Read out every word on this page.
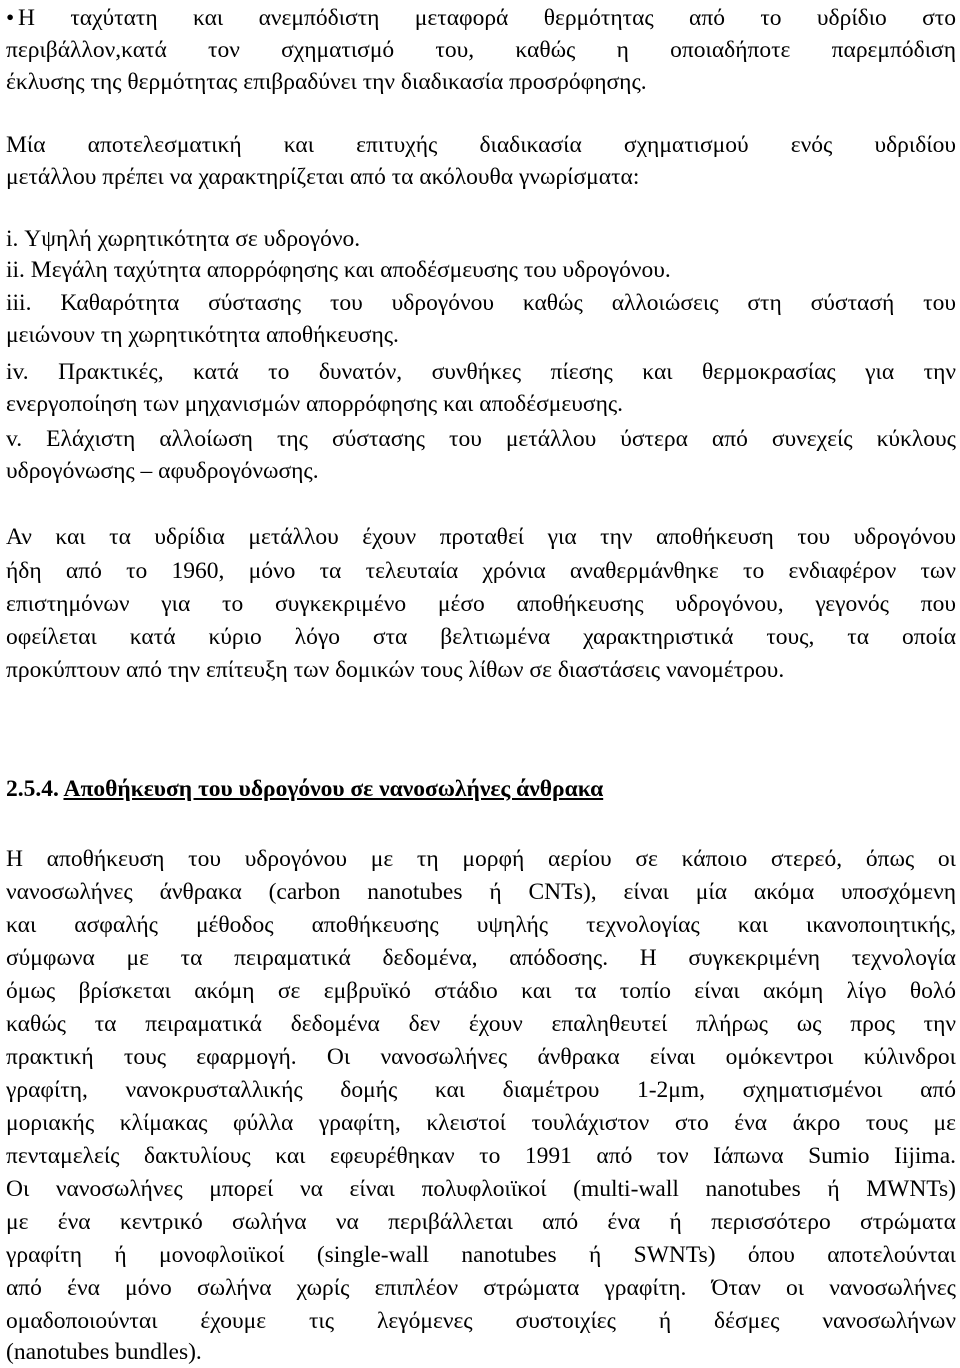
• Η ταχύτατη και ανεμπόδιστη μεταφορά θερμότητας από το υδρίδιο στο
περιβάλλον,κατά τον σχηματισμό του, καθώς η οποιαδήποτε παρεμπόδιση
έκλυσης της θερμότητας επιβραδύνει την διαδικασία προσρόφησης.
Μία αποτελεσματική και επιτυχής διαδικασία σχηματισμού ενός υδριδίου
μετάλλου πρέπει να χαρακτηρίζεται από τα ακόλουθα γνωρίσματα:
i. Υψηλή χωρητικότητα σε υδρογόνο.
ii. Μεγάλη ταχύτητα απορρόφησης και αποδέσμευσης του υδρογόνου.
iii. Καθαρότητα σύστασης του υδρογόνου καθώς αλλοιώσεις στη σύστασή του
μειώνουν τη χωρητικότητα αποθήκευσης.
iv. Πρακτικές, κατά το δυνατόν, συνθήκες πίεσης και θερμοκρασίας για την
ενεργοποίηση των μηχανισμών απορρόφησης και αποδέσμευσης.
v. Ελάχιστη αλλοίωση της σύστασης του μετάλλου ύστερα από συνεχείς κύκλους
υδρογόνωσης – αφυδρογόνωσης.
Αν και τα υδρίδια μετάλλου έχουν προταθεί για την αποθήκευση του υδρογόνου
ήδη από το 1960, μόνο τα τελευταία χρόνια αναθερμάνθηκε το ενδιαφέρον των
επιστημόνων για το συγκεκριμένο μέσο αποθήκευσης υδρογόνου, γεγονός που
οφείλεται κατά κύριο λόγο στα βελτιωμένα χαρακτηριστικά τους, τα οποία
προκύπτουν από την επίτευξη των δομικών τους λίθων σε διαστάσεις νανομέτρου.
2.5.4. Αποθήκευση του υδρογόνου σε νανοσωλήνες άνθρακα
Η αποθήκευση του υδρογόνου με τη μορφή αερίου σε κάποιο στερεό, όπως οι
νανοσωλήνες άνθρακα (carbon nanotubes ή CNTs), είναι μία ακόμα υποσχόμενη
και ασφαλής μέθοδος αποθήκευσης υψηλής τεχνολογίας και ικανοποιητικής,
σύμφωνα με τα πειραματικά δεδομένα, απόδοσης. Η συγκεκριμένη τεχνολογία
όμως βρίσκεται ακόμη σε εμβρυϊκό στάδιο και τα τοπίο είναι ακόμη λίγο θολό
καθώς τα πειραματικά δεδομένα δεν έχουν επαληθευτεί πλήρως ως προς την
πρακτική τους εφαρμογή. Οι νανοσωλήνες άνθρακα είναι ομόκεντροι κύλινδροι
γραφίτη, νανοκρυσταλλικής δομής και διαμέτρου 1-2μm, σχηματισμένοι από
μοριακής κλίμακας φύλλα γραφίτη, κλειστοί τουλάχιστον στο ένα άκρο τους με
πενταμελείς δακτυλίους και εφευρέθηκαν το 1991 από τον Ιάπωνα Sumio Iijima.
Οι νανοσωλήνες μπορεί να είναι πολυφλοιϊκοί (multi-wall nanotubes ή MWNTs)
με ένα κεντρικό σωλήνα να περιβάλλεται από ένα ή περισσότερο στρώματα
γραφίτη ή μονοφλοιϊκοί (single-wall nanotubes ή SWNTs) όπου αποτελούνται
από ένα μόνο σωλήνα χωρίς επιπλέον στρώματα γραφίτη. Όταν οι νανοσωλήνες
ομαδοποιούνται έχουμε τις λεγόμενες συστοιχίες ή δέσμες νανοσωλήνων
(nanotubes bundles).
